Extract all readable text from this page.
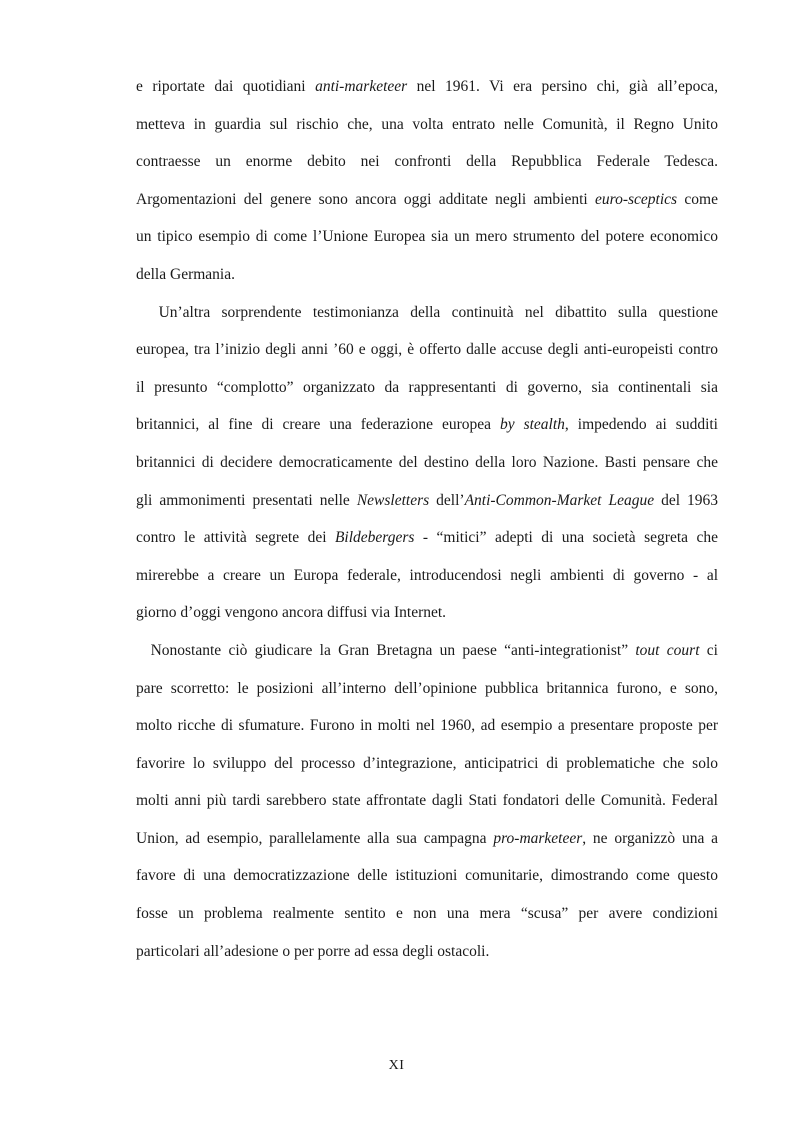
e riportate dai quotidiani anti-marketeer nel 1961. Vi era persino chi, già all’epoca,
metteva in guardia sul rischio che, una volta entrato nelle Comunità, il Regno Unito
contraesse un enorme debito nei confronti della Repubblica Federale Tedesca.
Argomentazioni del genere sono ancora oggi additate negli ambienti euro-sceptics come
un tipico esempio di come l’Unione Europea sia un mero strumento del potere economico
della Germania.
Un’altra sorprendente testimonianza della continuità nel dibattito sulla questione
europea, tra l’inizio degli anni ’60 e oggi, è offerto dalle accuse degli anti-europeisti contro
il presunto “complotto” organizzato da rappresentanti di governo, sia continentali sia
britannici, al fine di creare una federazione europea by stealth, impedendo ai sudditi
britannici di decidere democraticamente del destino della loro Nazione. Basti pensare che
gli ammonimenti presentati nelle Newsletters dell’Anti-Common-Market League del 1963
contro le attività segrete dei Bildebergers - “mitici” adepti di una società segreta che
mirerebbe a creare un Europa federale, introducendosi negli ambienti di governo - al
giorno d’oggi vengono ancora diffusi via Internet.
Nonostante ciò giudicare la Gran Bretagna un paese “anti-integrationist” tout court ci
pare scorretto: le posizioni all’interno dell’opinione pubblica britannica furono, e sono,
molto ricche di sfumature. Furono in molti nel 1960, ad esempio a presentare proposte per
favorire lo sviluppo del processo d’integrazione, anticipatrici di problematiche che solo
molti anni più tardi sarebbero state affrontate dagli Stati fondatori delle Comunità. Federal
Union, ad esempio, parallelamente alla sua campagna pro-marketeer, ne organizzò una a
favore di una democratizzazione delle istituzioni comunitarie, dimostrando come questo
fosse un problema realmente sentito e non una mera “scusa” per avere condizioni
particolari all’adesione o per porre ad essa degli ostacoli.
XI
